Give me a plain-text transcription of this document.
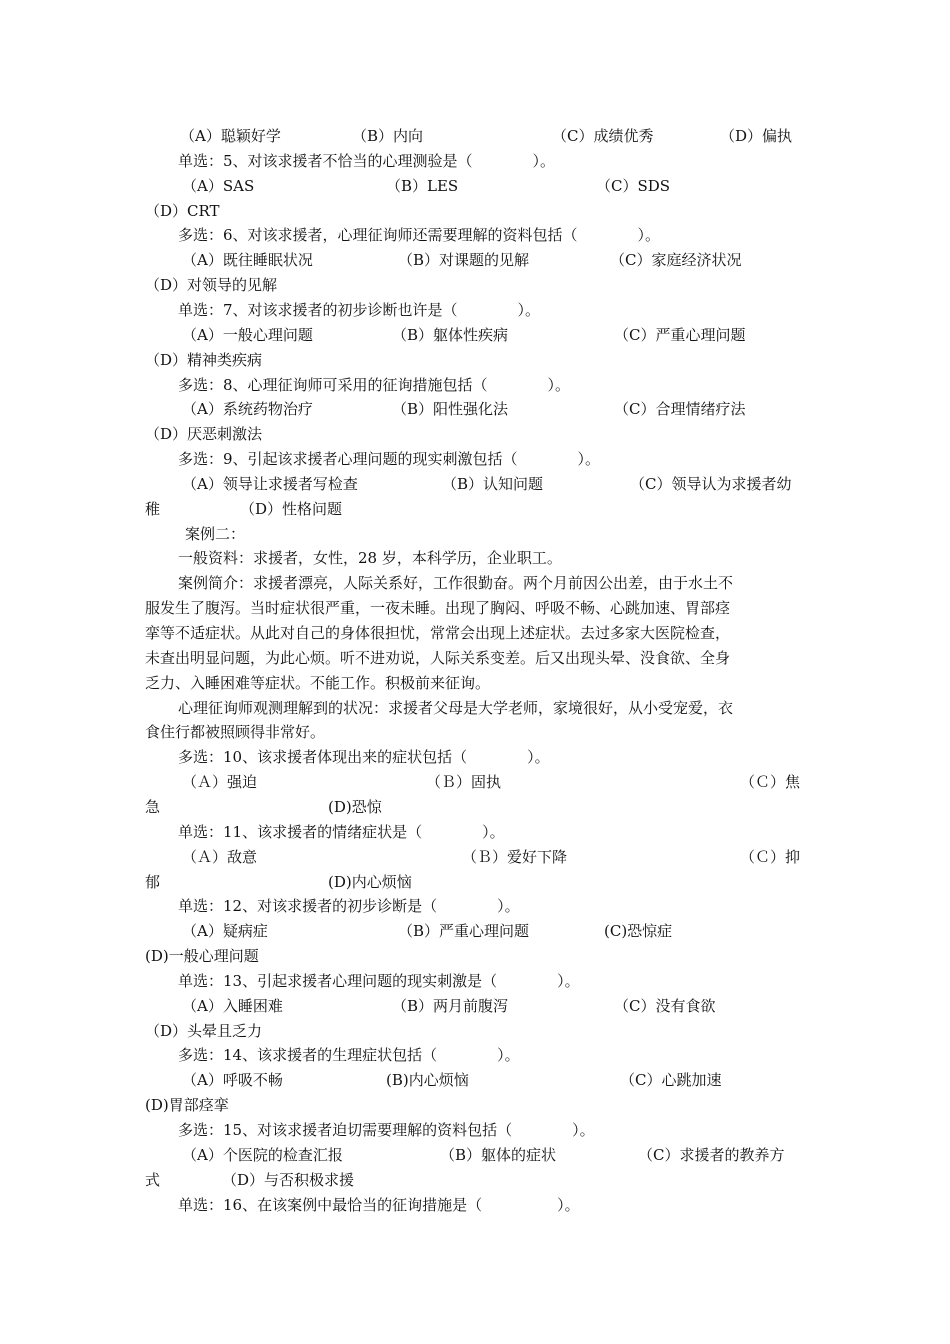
（A）聪颖好学	（B）内向	（C）成绩优秀	（D）偏执
单选：5、对该求援者不恰当的心理测验是（　　　　）。
（A）SAS	（B）LES	（C）SDS
（D）CRT
多选：6、对该求援者，心理征询师还需要理解的资料包括（　　　　）。
（A）既往睡眠状况	（B）对课题的见解	（C）家庭经济状况
（D）对领导的见解
单选：7、对该求援者的初步诊断也许是（　　　　）。
（A）一般心理问题	（B）躯体性疾病	（C）严重心理问题
（D）精神类疾病
多选：8、心理征询师可采用的征询措施包括（　　　　）。
（A）系统药物治疗	（B）阳性强化法	（C）合理情绪疗法
（D）厌恶刺激法
多选：9、引起该求援者心理问题的现实刺激包括（　　　　）。
（A）领导让求援者写检查	（B）认知问题	（C）领导认为求援者幼
稚	（D）性格问题
案例二：
一般资料：求援者，女性，28 岁，本科学历，企业职工。
案例简介：求援者漂亮，人际关系好，工作很勤奋。两个月前因公出差，由于水土不
服发生了腹泻。当时症状很严重，一夜未睡。出现了胸闷、呼吸不畅、心跳加速、胃部痉
挛等不适症状。从此对自己的身体很担忧，常常会出现上述症状。去过多家大医院检查，
未查出明显问题，为此心烦。听不进劝说，人际关系变差。后又出现头晕、没食欲、全身
乏力、入睡困难等症状。不能工作。积极前来征询。
心理征询师观测理解到的状况：求援者父母是大学老师，家境很好，从小受宠爱，衣
食住行都被照顾得非常好。
多选：10、该求援者体现出来的症状包括（　　　　）。
（Ａ）强迫	（Ｂ）固执	（Ｃ）焦
急	(D)恐惊
单选：11、该求援者的情绪症状是（　　　　）。
（Ａ）敌意	（Ｂ）爱好下降	（Ｃ）抑
郁	(D)内心烦恼
单选：12、对该求援者的初步诊断是（　　　　）。
（A）疑病症	（B）严重心理问题	(C)恐惊症
(D)一般心理问题
单选：13、引起求援者心理问题的现实刺激是（　　　　）。
（A）入睡困难	（B）两月前腹泻	（C）没有食欲
（D）头晕且乏力
多选：14、该求援者的生理症状包括（　　　　）。
（A）呼吸不畅	(B)内心烦恼	（C）心跳加速
(D)胃部痉挛
多选：15、对该求援者迫切需要理解的资料包括（　　　　）。
（A）个医院的检查汇报	（B）躯体的症状	（C）求援者的教养方
式	（D）与否积极求援
单选：16、在该案例中最恰当的征询措施是（　　　　　）。
